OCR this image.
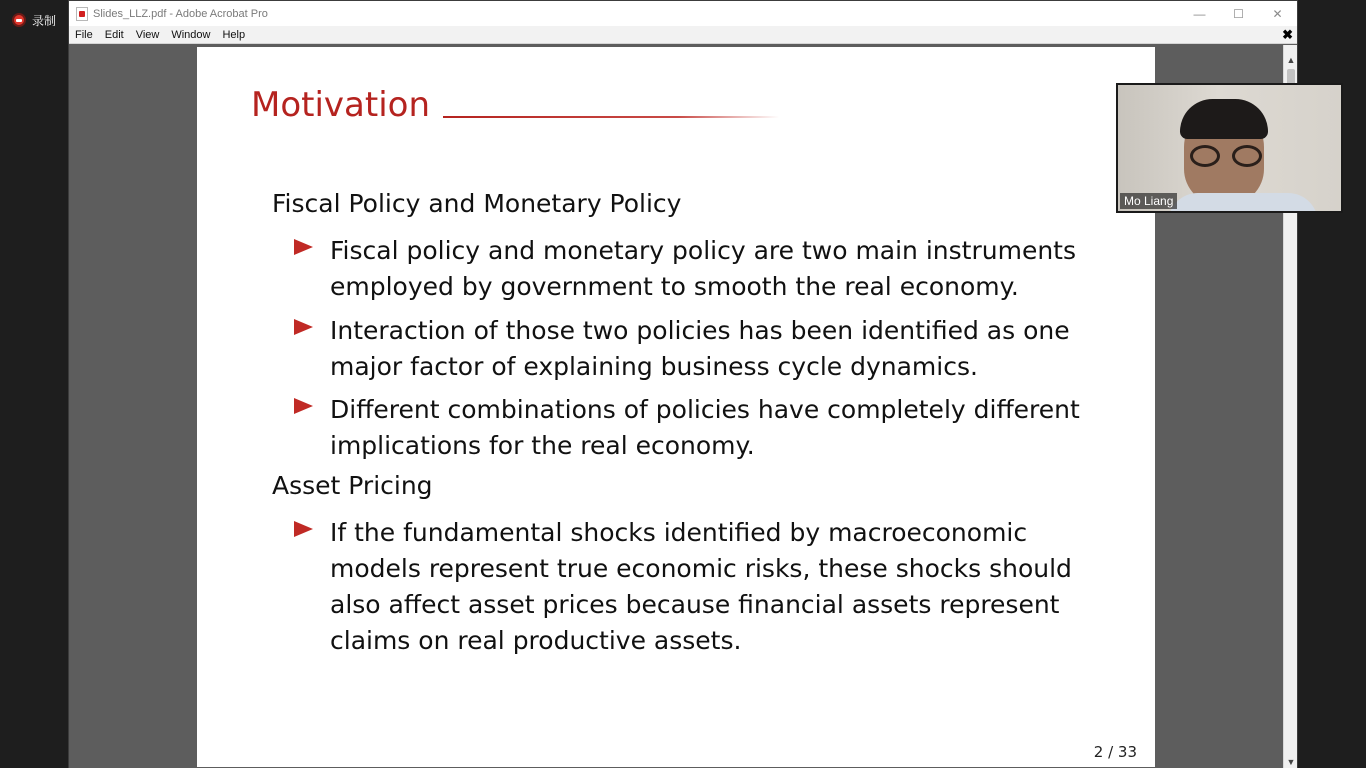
录制	Slides_LLZ.pdf - Adobe Acrobat Pro	—	☐	✕
File	Edit	View	Window	Help	✖
Motivation
Fiscal Policy and Monetary Policy
Fiscal policy and monetary policy are two main instruments employed by government to smooth the real economy.
Interaction of those two policies has been identified as one major factor of explaining business cycle dynamics.
Different combinations of policies have completely different implications for the real economy.
Asset Pricing
If the fundamental shocks identified by macroeconomic models represent true economic risks, these shocks should also affect asset prices because financial assets represent claims on real productive assets.
2 / 33
▲
▼
Mo Liang
